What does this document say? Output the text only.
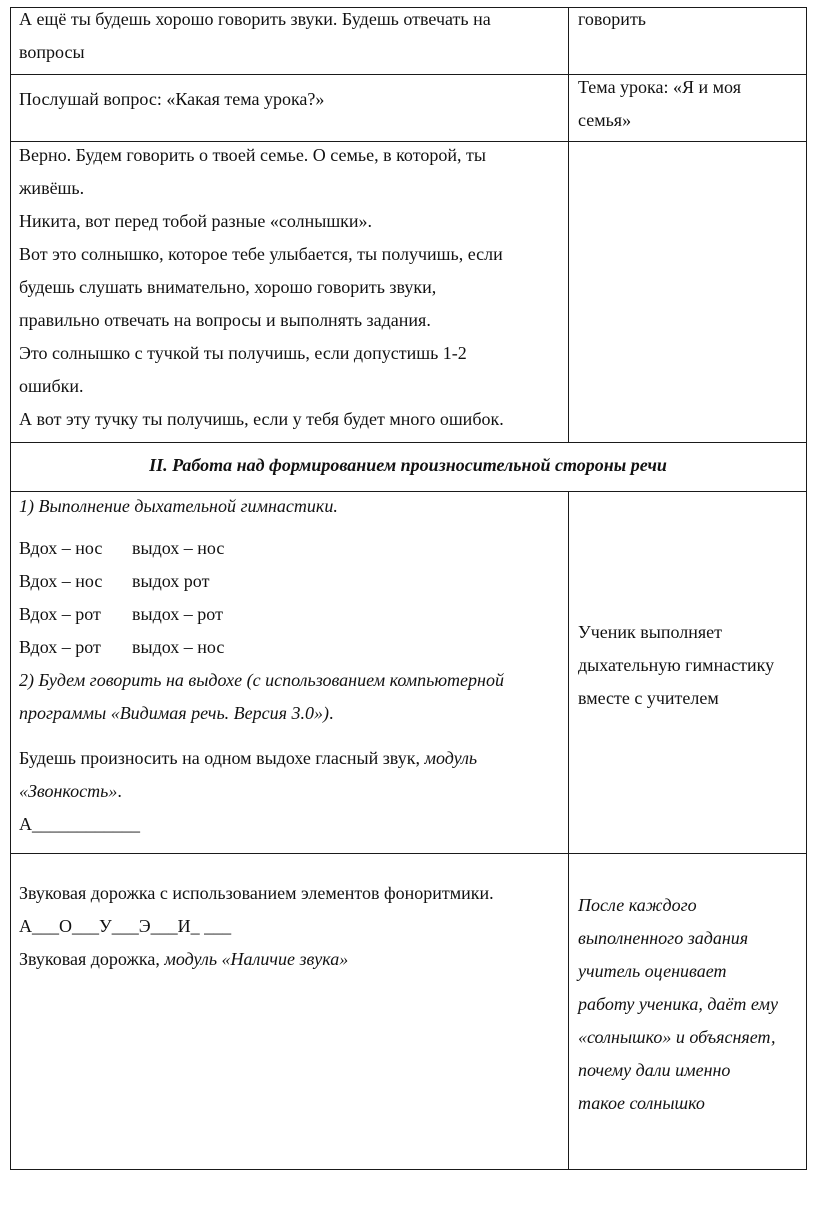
А ещё ты будешь хорошо говорить звуки. Будешь отвечать на

вопросы

говорить

Послушай вопрос: «Какая тема урока?»

Тема урока: «Я и моя

семья»

Верно. Будем говорить о твоей семье. О семье, в которой, ты

живёшь.

Никита, вот перед тобой разные «солнышки».

Вот это солнышко, которое тебе улыбается, ты получишь, если

будешь слушать внимательно, хорошо говорить звуки,

правильно отвечать на вопросы и выполнять задания.

Это солнышко с тучкой ты получишь, если допустишь 1-2

ошибки.

А вот эту тучку ты получишь, если у тебя будет много ошибок.

II. Работа над формированием произносительной стороны речи

1) Выполнение дыхательной гимнастики.

Вдох – нос выдох – нос

Вдох – нос выдох рот

Вдох – рот выдох – рот

Вдох – рот выдох – нос

2) Будем говорить на выдохе (с использованием компьютерной

программы «Видимая речь. Версия 3.0»).

Будешь произносить на одном выдохе гласный звук, модуль

«Звонкость».

А____________

Ученик выполняет

дыхательную гимнастику

вместе с учителем

Звуковая дорожка с использованием элементов фоноритмики.

А___О___У___Э___И_ ___

Звуковая дорожка, модуль «Наличие звука»

После каждого

выполненного задания

учитель оценивает

работу ученика, даёт ему

«солнышко» и объясняет,

почему дали именно

такое солнышко
